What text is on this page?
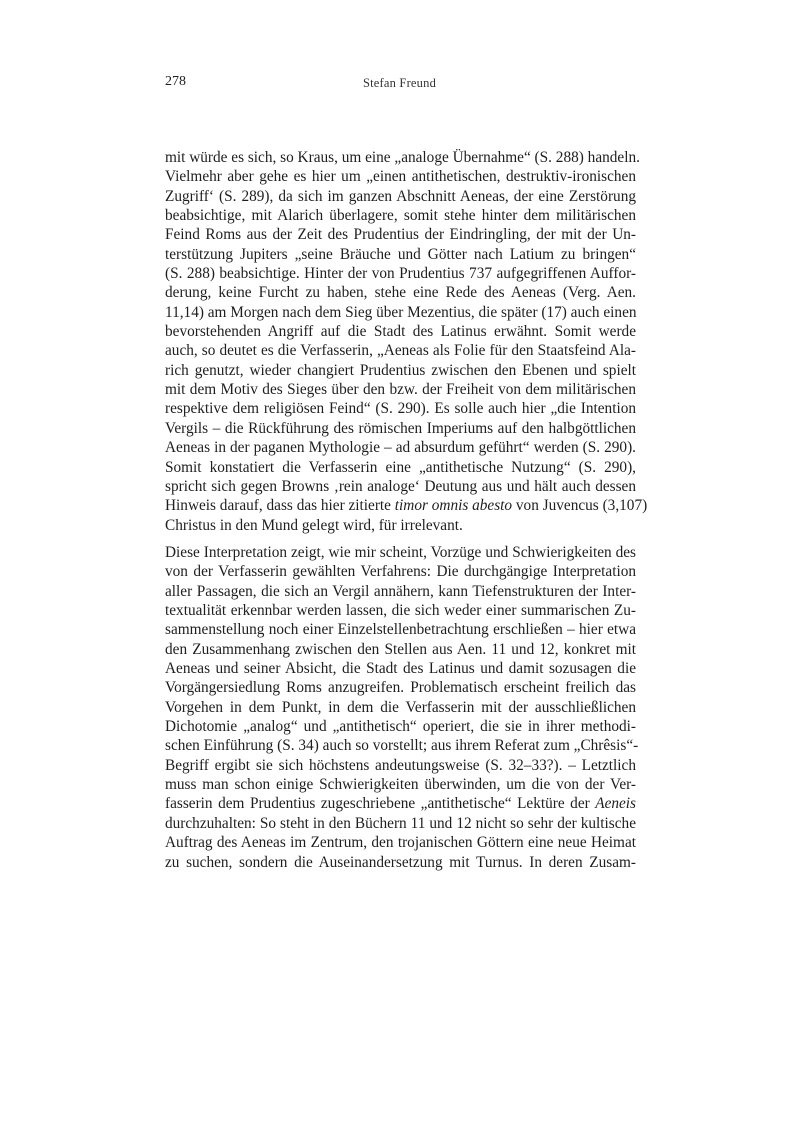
278	Stefan Freund
mit würde es sich, so Kraus, um eine „analoge Übernahme“ (S. 288) handeln.
Vielmehr aber gehe es hier um „einen antithetischen, destruktiv-ironischen
Zugriff‘ (S. 289), da sich im ganzen Abschnitt Aeneas, der eine Zerstörung
beabsichtige, mit Alarich überlagere, somit stehe hinter dem militärischen
Feind Roms aus der Zeit des Prudentius der Eindringling, der mit der Un-
terstützung Jupiters „seine Bräuche und Götter nach Latium zu bringen“
(S. 288) beabsichtige. Hinter der von Prudentius 737 aufgegriffenen Auffor-
derung, keine Furcht zu haben, stehe eine Rede des Aeneas (Verg. Aen.
11,14) am Morgen nach dem Sieg über Mezentius, die später (17) auch einen
bevorstehenden Angriff auf die Stadt des Latinus erwähnt. Somit werde
auch, so deutet es die Verfasserin, „Aeneas als Folie für den Staatsfeind Ala-
rich genutzt, wieder changiert Prudentius zwischen den Ebenen und spielt
mit dem Motiv des Sieges über den bzw. der Freiheit von dem militärischen
respektive dem religiösen Feind“ (S. 290). Es solle auch hier „die Intention
Vergils – die Rückführung des römischen Imperiums auf den halbgöttlichen
Aeneas in der paganen Mythologie – ad absurdum geführt“ werden (S. 290).
Somit konstatiert die Verfasserin eine „antithetische Nutzung“ (S. 290),
spricht sich gegen Browns ‚rein analoge‘ Deutung aus und hält auch dessen
Hinweis darauf, dass das hier zitierte timor omnis abesto von Juvencus (3,107)
Christus in den Mund gelegt wird, für irrelevant.
Diese Interpretation zeigt, wie mir scheint, Vorzüge und Schwierigkeiten des
von der Verfasserin gewählten Verfahrens: Die durchgängige Interpretation
aller Passagen, die sich an Vergil annähern, kann Tiefenstrukturen der Inter-
textualität erkennbar werden lassen, die sich weder einer summarischen Zu-
sammenstellung noch einer Einzelstellenbetrachtung erschließen – hier etwa
den Zusammenhang zwischen den Stellen aus Aen. 11 und 12, konkret mit
Aeneas und seiner Absicht, die Stadt des Latinus und damit sozusagen die
Vorgängersiedlung Roms anzugreifen. Problematisch erscheint freilich das
Vorgehen in dem Punkt, in dem die Verfasserin mit der ausschließlichen
Dichotomie „analog“ und „antithetisch“ operiert, die sie in ihrer methodi-
schen Einführung (S. 34) auch so vorstellt; aus ihrem Referat zum „Chrêsis“-
Begriff ergibt sie sich höchstens andeutungsweise (S. 32–33?). – Letztlich
muss man schon einige Schwierigkeiten überwinden, um die von der Ver-
fasserin dem Prudentius zugeschriebene „antithetische“ Lektüre der Aeneis
durchzuhalten: So steht in den Büchern 11 und 12 nicht so sehr der kultische
Auftrag des Aeneas im Zentrum, den trojanischen Göttern eine neue Heimat
zu suchen, sondern die Auseinandersetzung mit Turnus. In deren Zusam-
